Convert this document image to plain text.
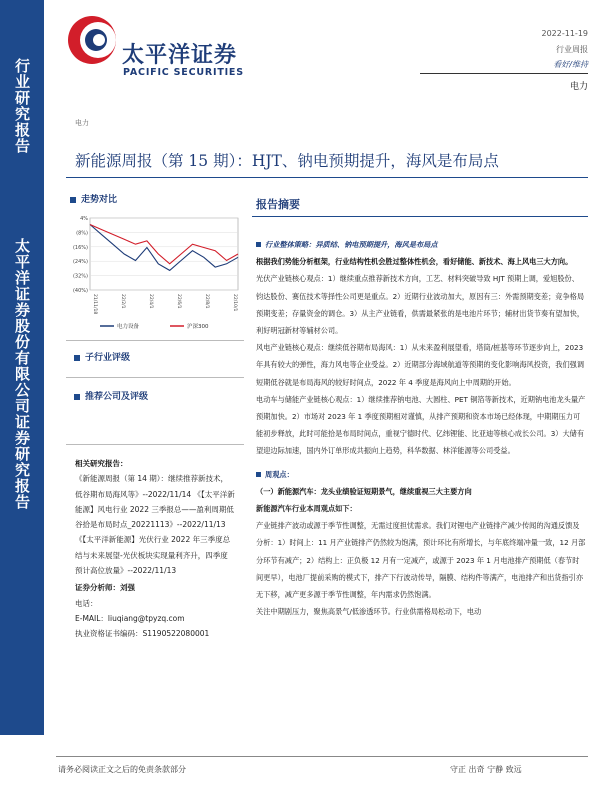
行业研究报告
太平洋证券股份有限公司证券研究报告
太平洋证券
PACIFIC SECURITIES
2022-11-19
行业周报
看好/维持
电力
电力
新能源周报（第 15 期）：HJT、钠电预期提升，海风是布局点
走势对比
4%
(8%)
(16%)
(24%)
(32%)
(40%)
21/11/18	22/2/1	22/4/1	22/6/1	22/8/1	22/10/1
电力设备	沪深300
子行业评级
推荐公司及评级
相关研究报告：
《新能源周报（第 14 期）：继续推荐新技术，低谷期布局海风等》--2022/11/14 《【太平洋新能源】风电行业 2022 三季报总——盈利周期低谷拾是布局时点_20221113》--2022/11/13 《【太平洋新能源】光伏行业 2022 年三季度总结与未来展望-光伏板块实现量利齐升，四季度预计高位放量》--2022/11/13
证券分析师：刘强
电话：
E-MAIL：liuqiang@tpyzq.com
执业资格证书编码：S1190522080001
报告摘要
行业整体策略：异质结、钠电预期提升，海风是布局点
根据我们势能分析框架，行业结构性机会胜过整体性机会，看好储能、新技术、海上风电三大方向。
光伏产业链核心观点：1）继续重点推荐新技术方向，工艺、材料突破导致 HJT 预期上调，爱旭股份、钧达股份、赛伍技术等择性公司更是重点。2）近期行业波动加大，原因有三：外需预期变差；竞争格局预期变差；存量资金的调仓。3）从主产业链看，供需最紧张的是电池片环节；辅材出货节奏有望加快，利好明冠新材等辅材公司。
风电产业链核心观点：继续低谷期布局海风：1）从未来盈利展望看，塔筒/桩基等环节逐步向上，2023 年具有较大的弹性，海力风电等企业受益。2）近期部分海域航道等预期的变化影响海风投资，我们强调短期低谷就是布局海风的较好时间点，2022 年 4 季度是海风向上中周期的开始。
电动车与储能产业链核心观点：1）继续推荐钠电池、大圆柱、PET 铜箔等新技术，近期钠电池龙头量产预期加快。2）市场对 2023 年 1 季度预期相对谨慎，从排产预期和资本市场已经体现，中期期压力可能初步释放，此时可能拾是布局时间点，重视宁德时代、亿纬锂能、比亚迪等核心成长公司。3）大储有望迎边际加速，国内外订单形成共振向上趋势，科华数据、林洋能源等公司受益。
周观点：
（一）新能源汽车：龙头业绩验证短期景气，继续重视三大主要方向
新能源汽车行业本周观点如下：
产业链排产波动或源于季节性调整，无需过度担忧需求。我们对锂电产业链排产减少传闻的沟通反馈及分析：1）时间上：11 月产业链排产仍然较为饱满，预计环比有所增长，与年底终端冲量一致，12 月部分环节有减产；2）结构上：正负极 12 月有一定减产，或源于 2023 年 1 月电池排产预期低（春节时间更早），电池厂提前采购的模式下，排产下行波动传导，隔膜、结构件等满产，电池排产和出货指引亦无下移，减产更多源于季节性调整，年内需求仍然饱满。
关注中期剧压力，聚焦高景气/低渗透环节。行业供需格局松动下，电动
请务必阅读正文之后的免责条款部分	守正 出奇 宁静 致远
